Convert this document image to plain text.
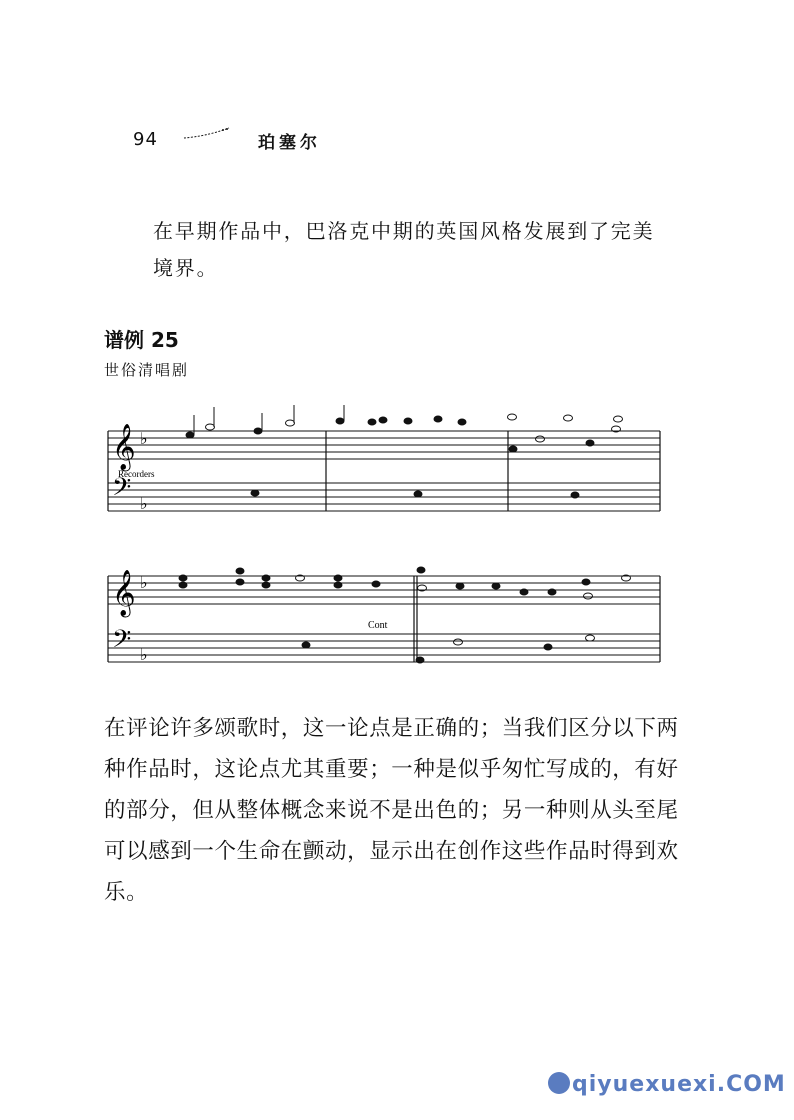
94	珀塞尔

在早期作品中，巴洛克中期的英国风格发展到了完美境界。

谱例 25
世俗清唱剧
𝄞 ♭
𝄢 ♭
Recorders
𝄞 ♭
𝄢 ♭
Cont

在评论许多颂歌时，这一论点是正确的；当我们区分以下两种作品时，这论点尤其重要；一种是似乎匆忙写成的，有好的部分，但从整体概念来说不是出色的；另一种则从头至尾可以感到一个生命在颤动，显示出在创作这些作品时得到欢乐。

qiyuexuexi.COM
